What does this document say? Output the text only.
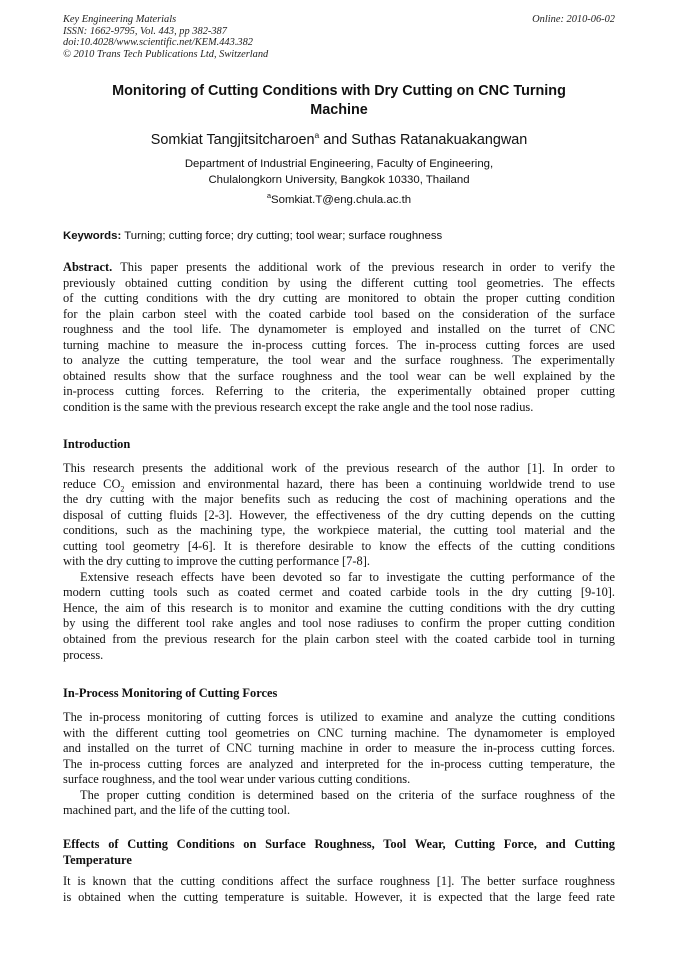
Key Engineering Materials
ISSN: 1662-9795, Vol. 443, pp 382-387
doi:10.4028/www.scientific.net/KEM.443.382
© 2010 Trans Tech Publications Ltd, Switzerland
Online: 2010-06-02
Monitoring of Cutting Conditions with Dry Cutting on CNC Turning
Machine
Somkiat Tangjitsitcharoen$^a$ and Suthas Ratanakuakangwan
Department of Industrial Engineering, Faculty of Engineering,
Chulalongkorn University, Bangkok 10330, Thailand
$^a$Somkiat.T@eng.chula.ac.th
Keywords: Turning; cutting force; dry cutting; tool wear; surface roughness
Abstract. This paper presents the additional work of the previous research in order to verify the
previously obtained cutting condition by using the different cutting tool geometries. The effects
of the cutting conditions with the dry cutting are monitored to obtain the proper cutting condition
for the plain carbon steel with the coated carbide tool based on the consideration of the surface
roughness and the tool life. The dynamometer is employed and installed on the turret of CNC
turning machine to measure the in-process cutting forces. The in-process cutting forces are used
to analyze the cutting temperature, the tool wear and the surface roughness. The experimentally
obtained results show that the surface roughness and the tool wear can be well explained by the
in-process cutting forces. Referring to the criteria, the experimentally obtained proper cutting
condition is the same with the previous research except the rake angle and the tool nose radius.
Introduction
This research presents the additional work of the previous research of the author [1]. In order to
reduce $CO_2$ emission and environmental hazard, there has been a continuing worldwide trend to use
the dry cutting with the major benefits such as reducing the cost of machining operations and the
disposal of cutting fluids [2-3]. However, the effectiveness of the dry cutting depends on the cutting
conditions, such as the machining type, the workpiece material, the cutting tool material and the
cutting tool geometry [4-6]. It is therefore desirable to know the effects of the cutting conditions
with the dry cutting to improve the cutting performance [7-8].
Extensive reseach effects have been devoted so far to investigate the cutting performance of the
modern cutting tools such as coated cermet and coated carbide tools in the dry cutting [9-10].
Hence, the aim of this research is to monitor and examine the cutting conditions with the dry cutting
by using the different tool rake angles and tool nose radiuses to confirm the proper cutting condition
obtained from the previous research for the plain carbon steel with the coated carbide tool in turning
process.
In-Process Monitoring of Cutting Forces
The in-process monitoring of cutting forces is utilized to examine and analyze the cutting conditions
with the different cutting tool geometries on CNC turning machine. The dynamometer is employed
and installed on the turret of CNC turning machine in order to measure the in-process cutting forces.
The in-process cutting forces are analyzed and interpreted for the in-process cutting temperature, the
surface roughness, and the tool wear under various cutting conditions.
The proper cutting condition is determined based on the criteria of the surface roughness of the
machined part, and the life of the cutting tool.
Effects of Cutting Conditions on Surface Roughness, Tool Wear, Cutting Force, and Cutting
Temperature
It is known that the cutting conditions affect the surface roughness [1]. The better surface roughness
is obtained when the cutting temperature is suitable. However, it is expected that the large feed rate
